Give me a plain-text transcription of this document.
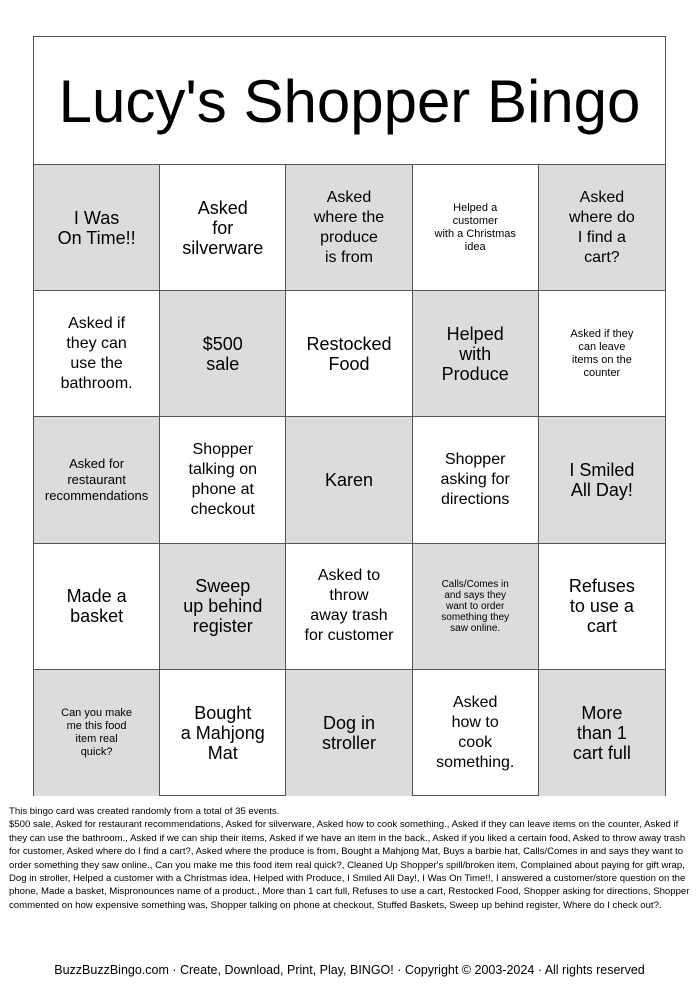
Lucy's Shopper Bingo
I Was
On Time!!
Asked
for
silverware
Asked
where the
produce
is from
Helped a
customer
with a Christmas
idea
Asked
where do
I find a
cart?
Asked if
they can
use the
bathroom.
$500
sale
Restocked
Food
Helped
with
Produce
Asked if they
can leave
items on the
counter
Asked for
restaurant
recommendations
Shopper
talking on
phone at
checkout
Karen
Shopper
asking for
directions
I Smiled
All Day!
Made a
basket
Sweep
up behind
register
Asked to
throw
away trash
for customer
Calls/Comes in
and says they
want to order
something they
saw online.
Refuses
to use a
cart
Can you make
me this food
item real
quick?
Bought
a Mahjong
Mat
Dog in
stroller
Asked
how to
cook
something.
More
than 1
cart full
This bingo card was created randomly from a total of 35 events.
$500 sale, Asked for restaurant recommendations, Asked for silverware, Asked how to cook something., Asked if they can leave items on the counter, Asked if they can use the bathroom., Asked if we can ship their items, Asked if we have an item in the back., Asked if you liked a certain food, Asked to throw away trash for customer, Asked where do I find a cart?, Asked where the produce is from, Bought a Mahjong Mat, Buys a barbie hat, Calls/Comes in and says they want to order something they saw online., Can you make me this food item real quick?, Cleaned Up Shopper's spill/broken item, Complained about paying for gift wrap, Dog in stroller, Helped a customer with a Christmas idea, Helped with Produce, I Smiled All Day!, I Was On Time!!, I answered a customer/store question on the phone, Made a basket, Mispronounces name of a product., More than 1 cart full, Refuses to use a cart, Restocked Food, Shopper asking for directions, Shopper commented on how expensive something was, Shopper talking on phone at checkout, Stuffed Baskets, Sweep up behind register, Where do I check out?.
BuzzBuzzBingo.com · Create, Download, Print, Play, BINGO! · Copyright © 2003-2024 · All rights reserved
